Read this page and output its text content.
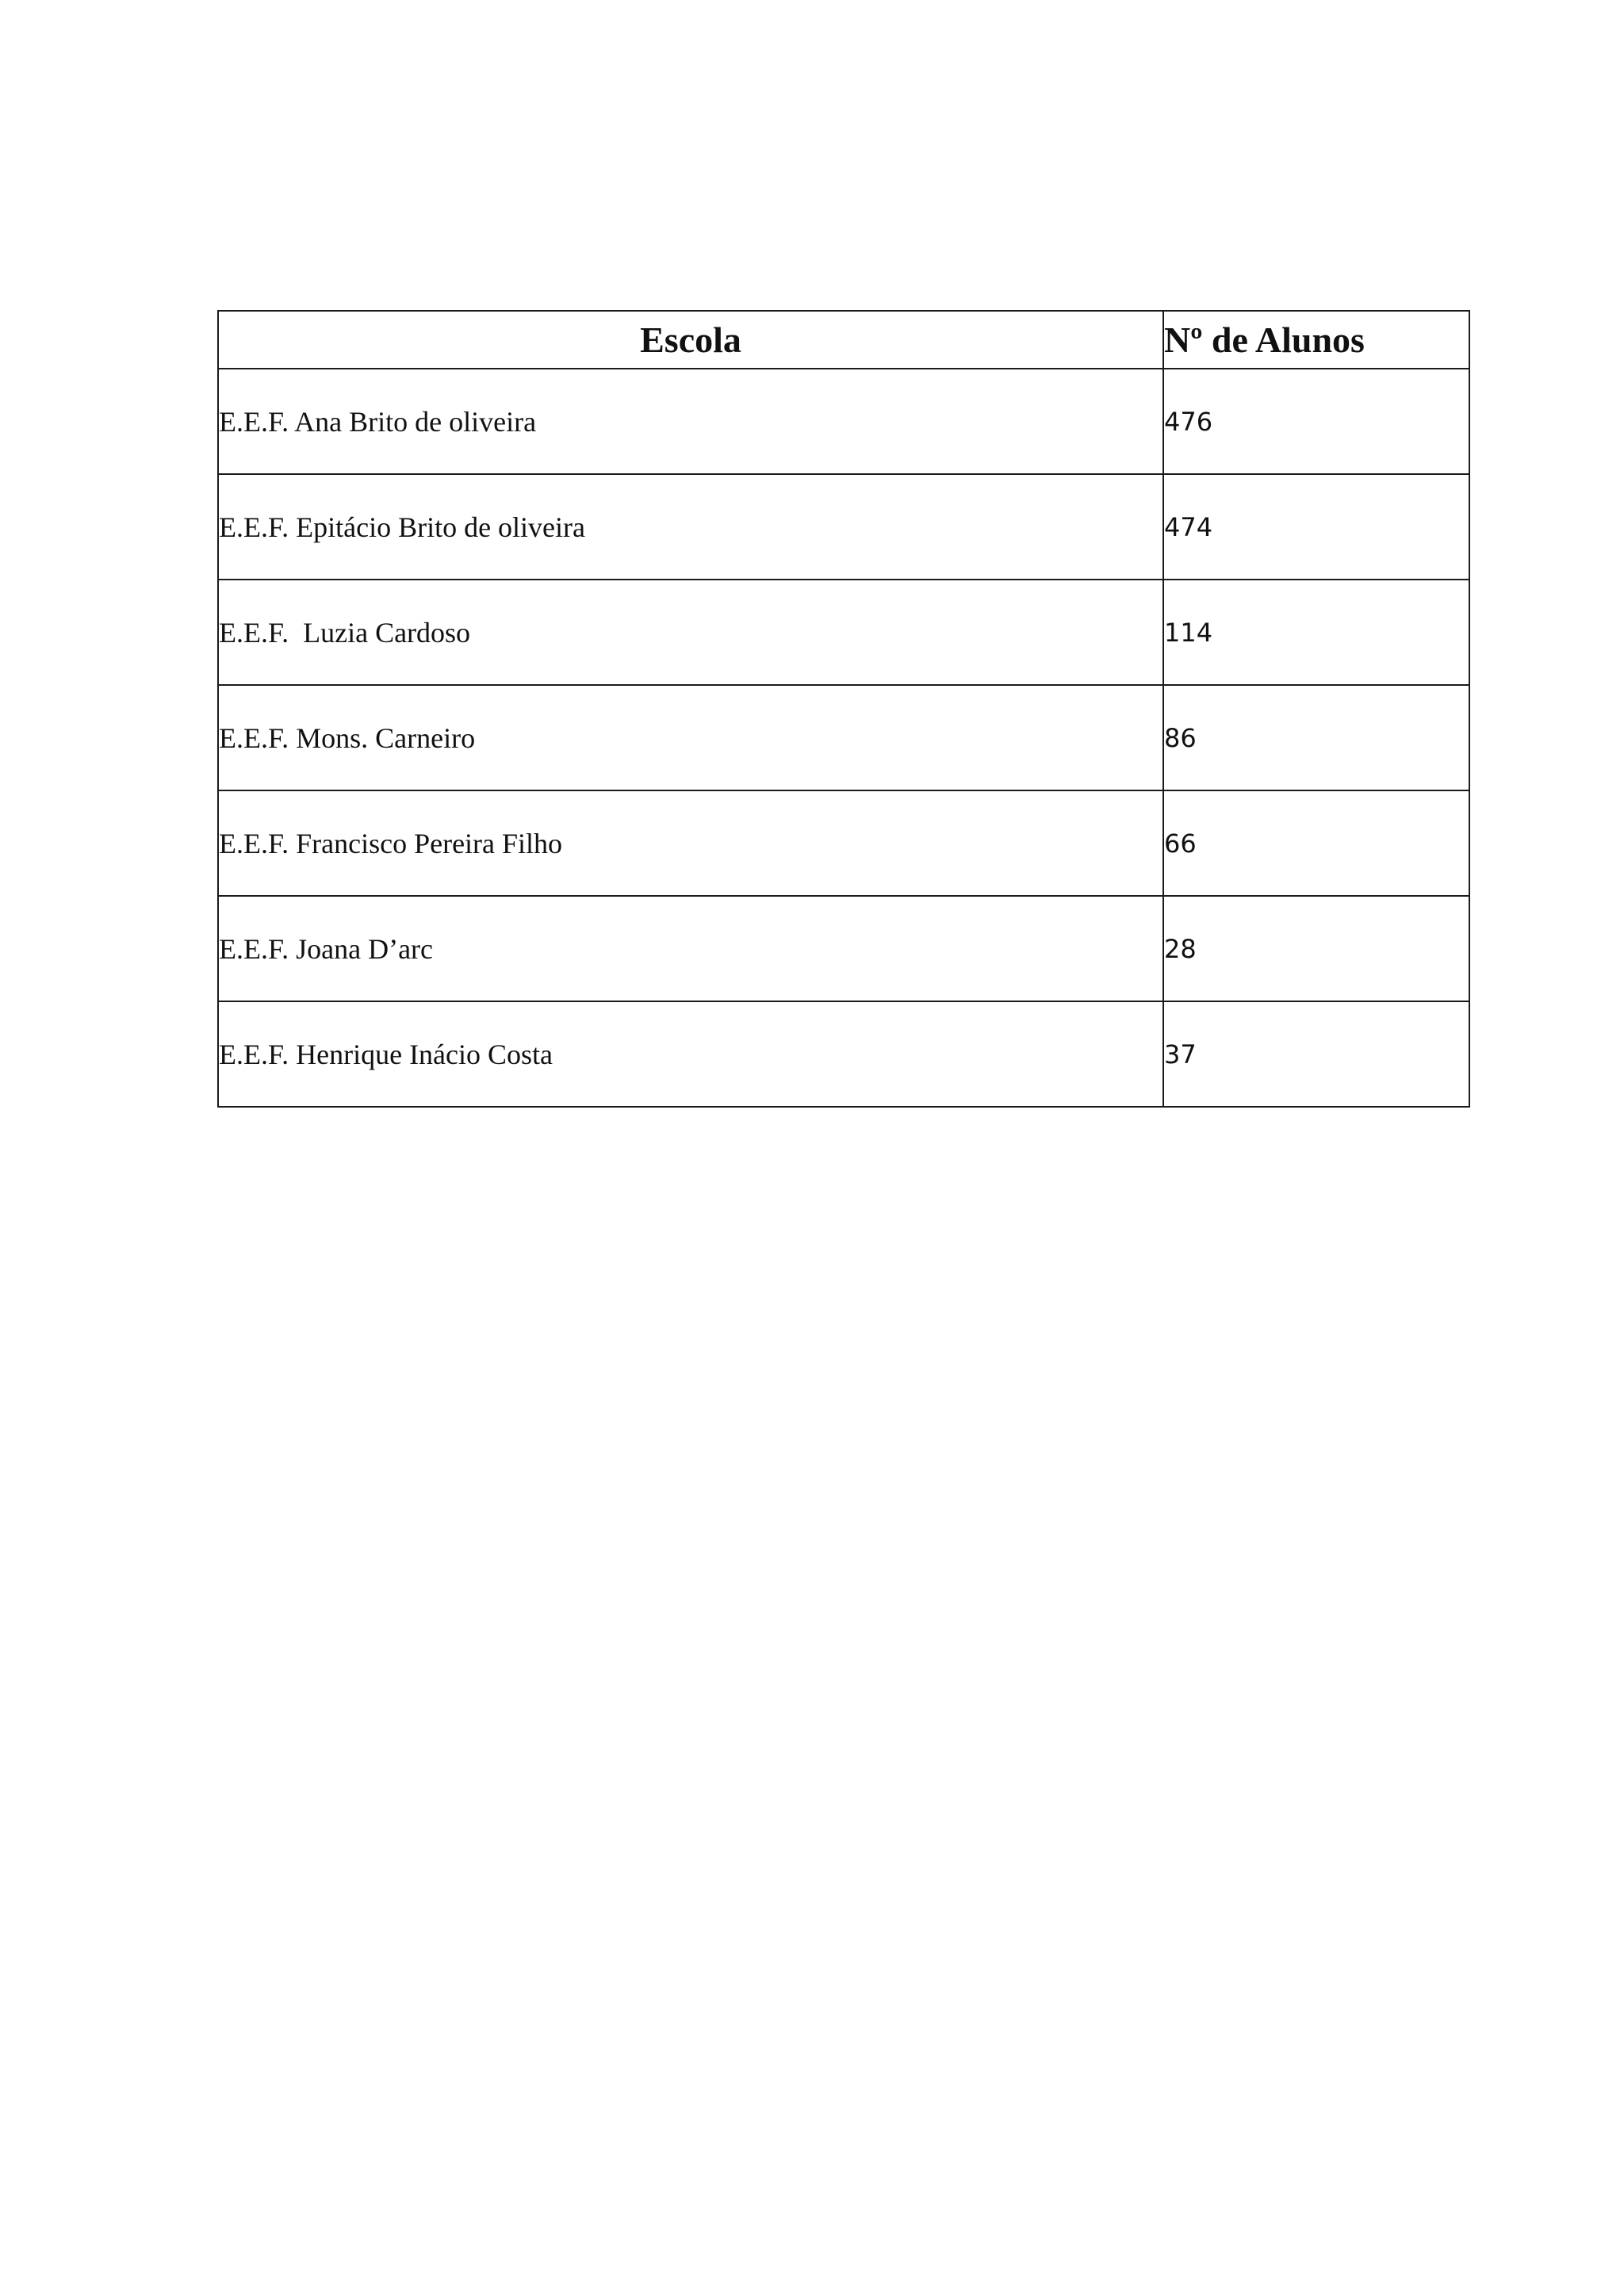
Escola	Nº de Alunos
E.E.F. Ana Brito de oliveira	476
E.E.F. Epitácio Brito de oliveira	474
E.E.F.  Luzia Cardoso	114
E.E.F. Mons. Carneiro	86
E.E.F. Francisco Pereira Filho	66
E.E.F. Joana D’arc	28
E.E.F. Henrique Inácio Costa	37
